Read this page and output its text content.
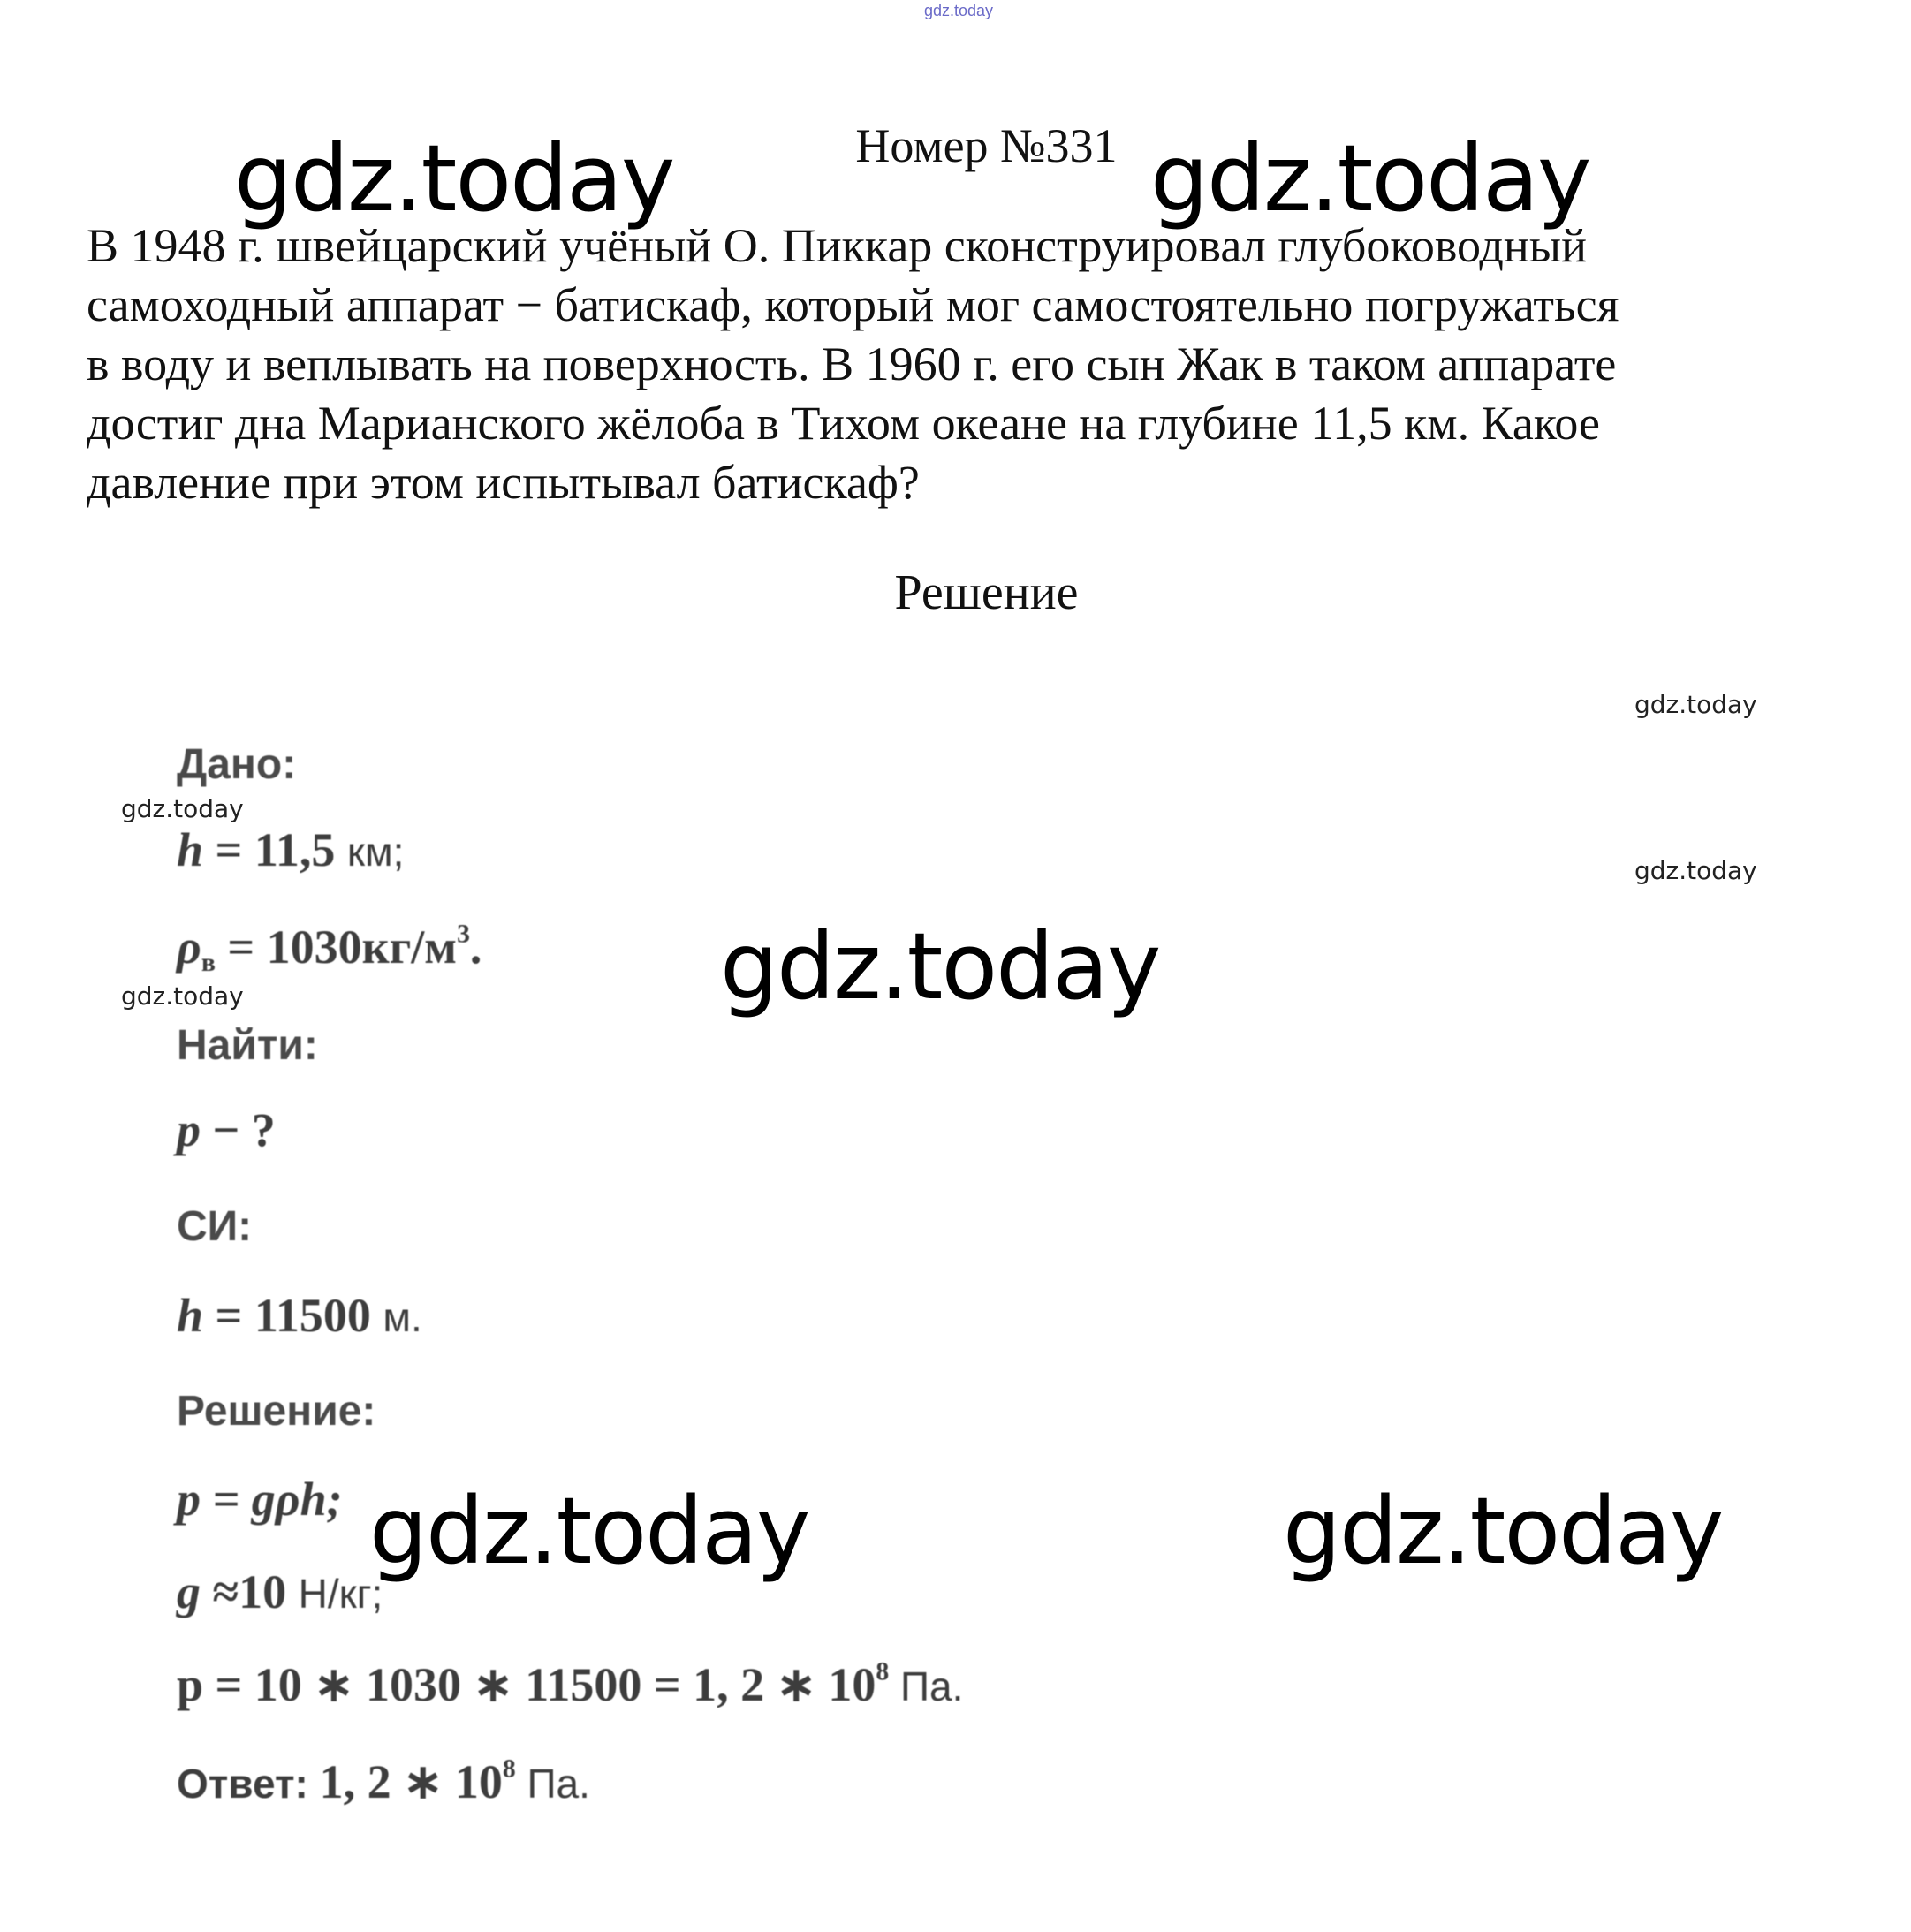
gdz.today
gdz.today	gdz.today
gdz.today
gdz.today	gdz.today
gdz.today
gdz.today
gdz.today
gdz.today
Номер №331
В 1948 г. швейцарский учёный О. Пиккар сконструировал глубоководный
самоходный аппарат − батискаф, который мог самостоятельно погружаться
в воду и веплывать на поверхность. В 1960 г. его сын Жак в таком аппарате
достиг дна Марианского жёлоба в Тихом океане на глубине 11,5 км. Какое
давление при этом испытывал батискаф?
Решение
Дано:
h = 11,5 км;
$\rho_в = 1030кг/м^3$.
Найти:
p − ?
СИ:
h = 11500 м.
Решение:
p = gρh;
g ≈10 Н/кг;
p = 10 ∗ 1030 ∗ 11500 = 1, 2 ∗ $10^8$ Па.
Ответ: 1, 2 ∗ $10^8$ Па.
